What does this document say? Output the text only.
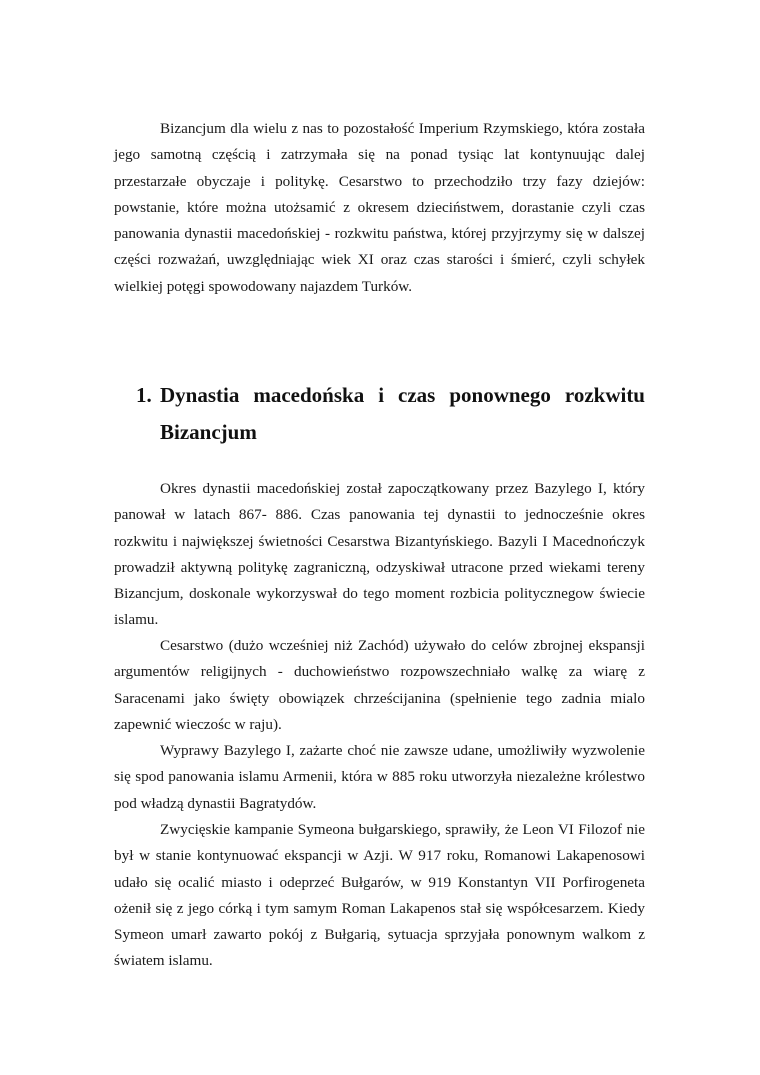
Bizancjum dla wielu z nas to pozostałość Imperium Rzymskiego, która została jego samotną częścią i zatrzymała się na ponad tysiąc lat kontynuując dalej przestarzałe obyczaje i politykę. Cesarstwo to przechodziło trzy fazy dziejów: powstanie, które można utożsamić z okresem dzieciństwem, dorastanie czyli czas panowania dynastii macedońskiej - rozkwitu państwa, której przyjrzymy się w dalszej części rozważań, uwzględniając wiek XI oraz czas starości i śmierć, czyli schyłek wielkiej potęgi spowodowany najazdem Turków.

1. Dynastia macedońska i czas ponownego rozkwitu Bizancjum

Okres dynastii macedońskiej został zapoczątkowany przez Bazylego I, który panował w latach 867- 886. Czas panowania tej dynastii to jednocześnie okres rozkwitu i największej świetności Cesarstwa Bizantyńskiego. Bazyli I Macednończyk prowadził aktywną politykę zagraniczną, odzyskiwał utracone przed wiekami tereny Bizancjum, doskonale wykorzyswał do tego moment rozbicia politycznegow świecie islamu.

Cesarstwo (dużo wcześniej niż Zachód) używało do celów zbrojnej ekspansji argumentów religijnych - duchowieństwo rozpowszechniało walkę za wiarę z Saracenami jako święty obowiązek chrześcijanina (spełnienie tego zadnia mialo zapewnić wieczośc w raju).

Wyprawy Bazylego I, zażarte choć nie zawsze udane, umożliwiły wyzwolenie się spod panowania islamu Armenii, która w 885 roku utworzyła niezależne królestwo pod władzą dynastii Bagratydów.

Zwycięskie kampanie Symeona bułgarskiego, sprawiły, że Leon VI Filozof nie był w stanie kontynuować ekspancji w Azji. W 917 roku, Romanowi Lakapenosowi udało się ocalić miasto i odeprzeć Bułgarów, w 919 Konstantyn VII Porfirogeneta ożenił się z jego córką i tym samym Roman Lakapenos stał się współcesarzem. Kiedy Symeon umarł zawarto pokój z Bułgarią, sytuacja sprzyjała ponownym walkom z światem islamu.
